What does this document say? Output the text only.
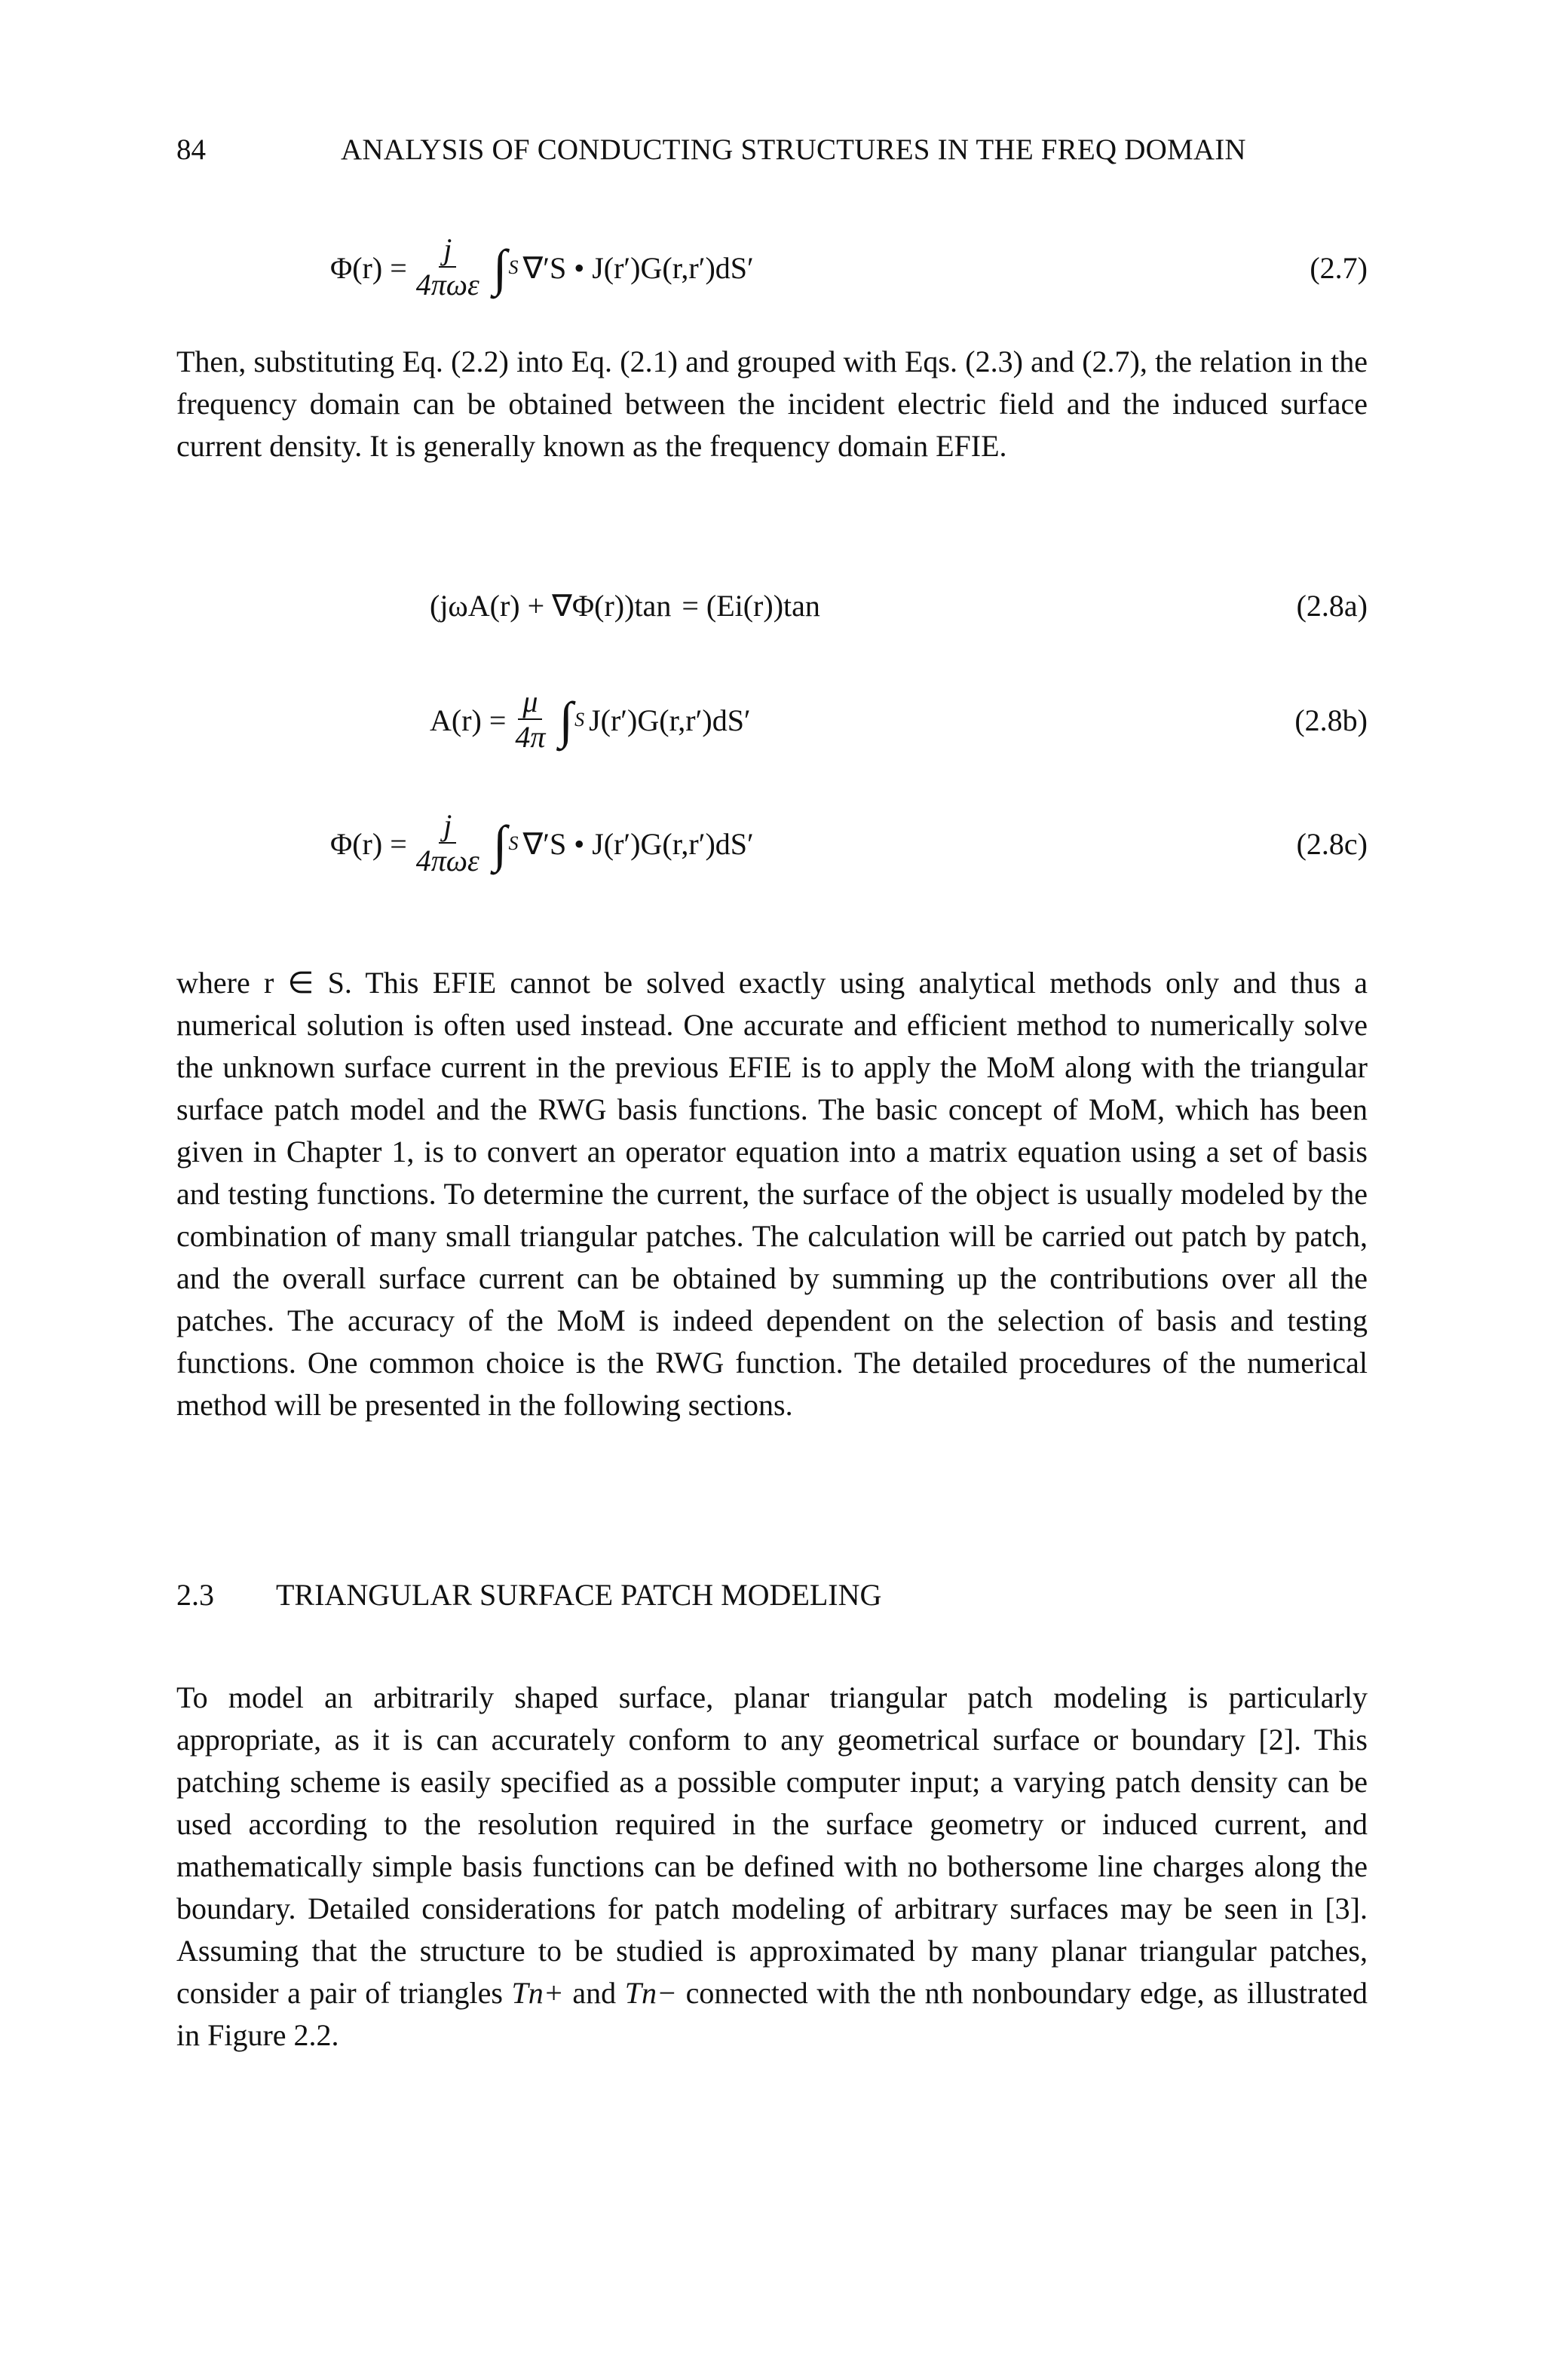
84	ANALYSIS OF CONDUCTING STRUCTURES IN THE FREQ DOMAIN
$\Phi(r) = \frac{j}{\text{4πωε}}$ ∫ S ∇′S • J(r′)G(r,r′)dS′	(2.7)

Then, substituting Eq. (2.2) into Eq. (2.1) and grouped with Eqs. (2.3) and (2.7), the relation in the frequency domain can be obtained between the incident electric field and the induced surface current density. It is generally known as the frequency domain EFIE.

(jωA(r) + ∇Φ(r))tan = (Ei(r))tan	(2.8a)
$A(r) = \frac{\mu}{4\pi}$ ∫ S J(r′)G(r,r′)dS′	(2.8b)
$\Phi(r) = \frac{j}{\text{4πωε}}$ ∫ S ∇′S • J(r′)G(r,r′)dS′	(2.8c)

where r ∈ S. This EFIE cannot be solved exactly using analytical methods only and thus a numerical solution is often used instead. One accurate and efficient method to numerically solve the unknown surface current in the previous EFIE is to apply the MoM along with the triangular surface patch model and the RWG basis functions. The basic concept of MoM, which has been given in Chapter 1, is to convert an operator equation into a matrix equation using a set of basis and testing functions. To determine the current, the surface of the object is usually modeled by the combination of many small triangular patches. The calculation will be carried out patch by patch, and the overall surface current can be obtained by summing up the contributions over all the patches. The accuracy of the MoM is indeed dependent on the selection of basis and testing functions. One common choice is the RWG function. The detailed procedures of the numerical method will be presented in the following sections.

2.3 TRIANGULAR SURFACE PATCH MODELING

To model an arbitrarily shaped surface, planar triangular patch modeling is particularly appropriate, as it is can accurately conform to any geometrical surface or boundary [2]. This patching scheme is easily specified as a possible computer input; a varying patch density can be used according to the resolution required in the surface geometry or induced current, and mathematically simple basis functions can be defined with no bothersome line charges along the boundary. Detailed considerations for patch modeling of arbitrary surfaces may be seen in [3]. Assuming that the structure to be studied is approximated by many planar triangular patches, consider a pair of triangles Tn+ and Tn− connected with the nth nonboundary edge, as illustrated in Figure 2.2.
